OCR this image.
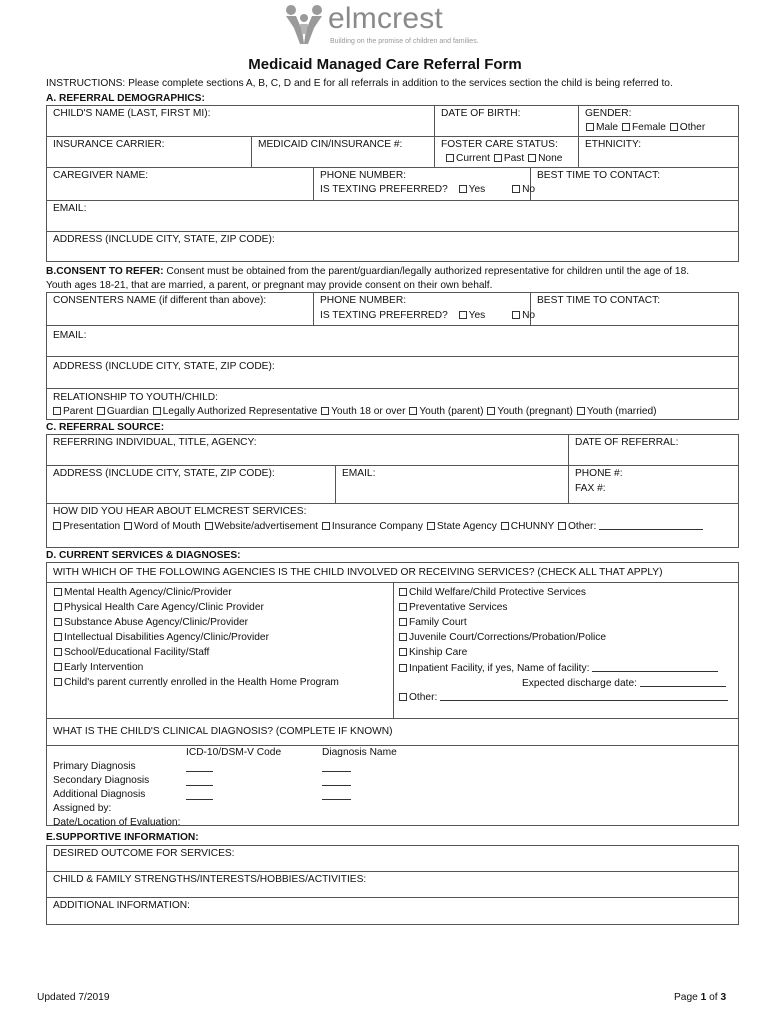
elmcrest
Building on the promise of children and families.
Medicaid Managed Care Referral Form
INSTRUCTIONS: Please complete sections A, B, C, D and E for all referrals in addition to the services section the child is being referred to.
A. REFERRAL DEMOGRAPHICS:
CHILD'S NAME (LAST, FIRST MI):	DATE OF BIRTH:	GENDER:
Male Female Other
INSURANCE CARRIER:	MEDICAID CIN/INSURANCE #:	FOSTER CARE STATUS:
Current Past None
ETHNICITY:
CAREGIVER NAME:	PHONE NUMBER:
IS TEXTING PREFERRED? Yes	No
BEST TIME TO CONTACT:
EMAIL:
ADDRESS (INCLUDE CITY, STATE, ZIP CODE):
B.CONSENT TO REFER: Consent must be obtained from the parent/guardian/legally authorized representative for children until the age of 18.
Youth ages 18-21, that are married, a parent, or pregnant may provide consent on their own behalf.
CONSENTERS NAME (if different than above):	PHONE NUMBER:
IS TEXTING PREFERRED? Yes	No
BEST TIME TO CONTACT:
EMAIL:
ADDRESS (INCLUDE CITY, STATE, ZIP CODE):
RELATIONSHIP TO YOUTH/CHILD:
Parent Guardian Legally Authorized Representative Youth 18 or over Youth (parent) Youth (pregnant) Youth (married)
C. REFERRAL SOURCE:
REFERRING INDIVIDUAL, TITLE, AGENCY:	DATE OF REFERRAL:
ADDRESS (INCLUDE CITY, STATE, ZIP CODE):	EMAIL:	PHONE #:
FAX #:
HOW DID YOU HEAR ABOUT ELMCREST SERVICES:
Presentation Word of Mouth Website/advertisement Insurance Company State Agency CHUNNY Other:
D. CURRENT SERVICES & DIAGNOSES:
WITH WHICH OF THE FOLLOWING AGENCIES IS THE CHILD INVOLVED OR RECEIVING SERVICES? (CHECK ALL THAT APPLY)
Mental Health Agency/Clinic/Provider
Physical Health Care Agency/Clinic Provider
Substance Abuse Agency/Clinic/Provider
Intellectual Disabilities Agency/Clinic/Provider
School/Educational Facility/Staff
Early Intervention
Child's parent currently enrolled in the Health Home Program
Child Welfare/Child Protective Services
Preventative Services
Family Court
Juvenile Court/Corrections/Probation/Police
Kinship Care
Inpatient Facility, if yes, Name of facility:
Expected discharge date:
Other:
WHAT IS THE CHILD'S CLINICAL DIAGNOSIS? (COMPLETE IF KNOWN)
ICD-10/DSM-V Code	Diagnosis Name
Primary Diagnosis
Secondary Diagnosis
Additional Diagnosis
Assigned by:
Date/Location of Evaluation:
E.SUPPORTIVE INFORMATION:
DESIRED OUTCOME FOR SERVICES:
CHILD & FAMILY STRENGTHS/INTERESTS/HOBBIES/ACTIVITIES:
ADDITIONAL INFORMATION:
Updated 7/2019	Page 1 of 3
